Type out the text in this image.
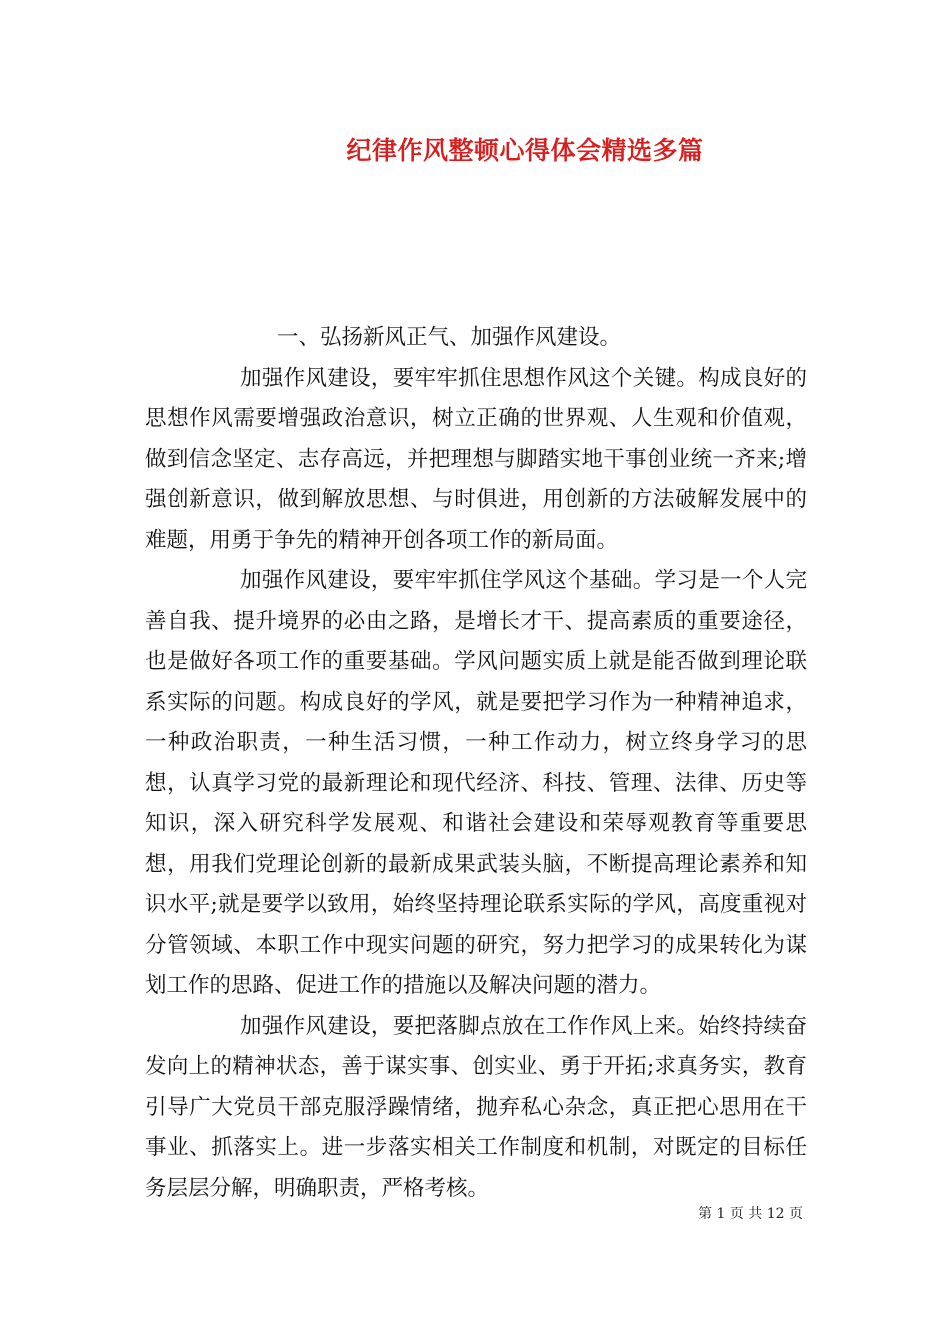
纪律作风整顿心得体会精选多篇

一、弘扬新风正气、加强作风建设。

加强作风建设，要牢牢抓住思想作风这个关键。构成良好的思想作风需要增强政治意识，树立正确的世界观、人生观和价值观，做到信念坚定、志存高远，并把理想与脚踏实地干事创业统一齐来;增强创新意识，做到解放思想、与时俱进，用创新的方法破解发展中的难题，用勇于争先的精神开创各项工作的新局面。

加强作风建设，要牢牢抓住学风这个基础。学习是一个人完善自我、提升境界的必由之路，是增长才干、提高素质的重要途径，也是做好各项工作的重要基础。学风问题实质上就是能否做到理论联系实际的问题。构成良好的学风，就是要把学习作为一种精神追求，一种政治职责，一种生活习惯，一种工作动力，树立终身学习的思想，认真学习党的最新理论和现代经济、科技、管理、法律、历史等知识，深入研究科学发展观、和谐社会建设和荣辱观教育等重要思想，用我们党理论创新的最新成果武装头脑，不断提高理论素养和知识水平;就是要学以致用，始终坚持理论联系实际的学风，高度重视对分管领域、本职工作中现实问题的研究，努力把学习的成果转化为谋划工作的思路、促进工作的措施以及解决问题的潜力。

加强作风建设，要把落脚点放在工作作风上来。始终持续奋发向上的精神状态，善于谋实事、创实业、勇于开拓;求真务实，教育引导广大党员干部克服浮躁情绪，抛弃私心杂念，真正把心思用在干事业、抓落实上。进一步落实相关工作制度和机制，对既定的目标任务层层分解，明确职责，严格考核。

第 1 页 共 12 页
